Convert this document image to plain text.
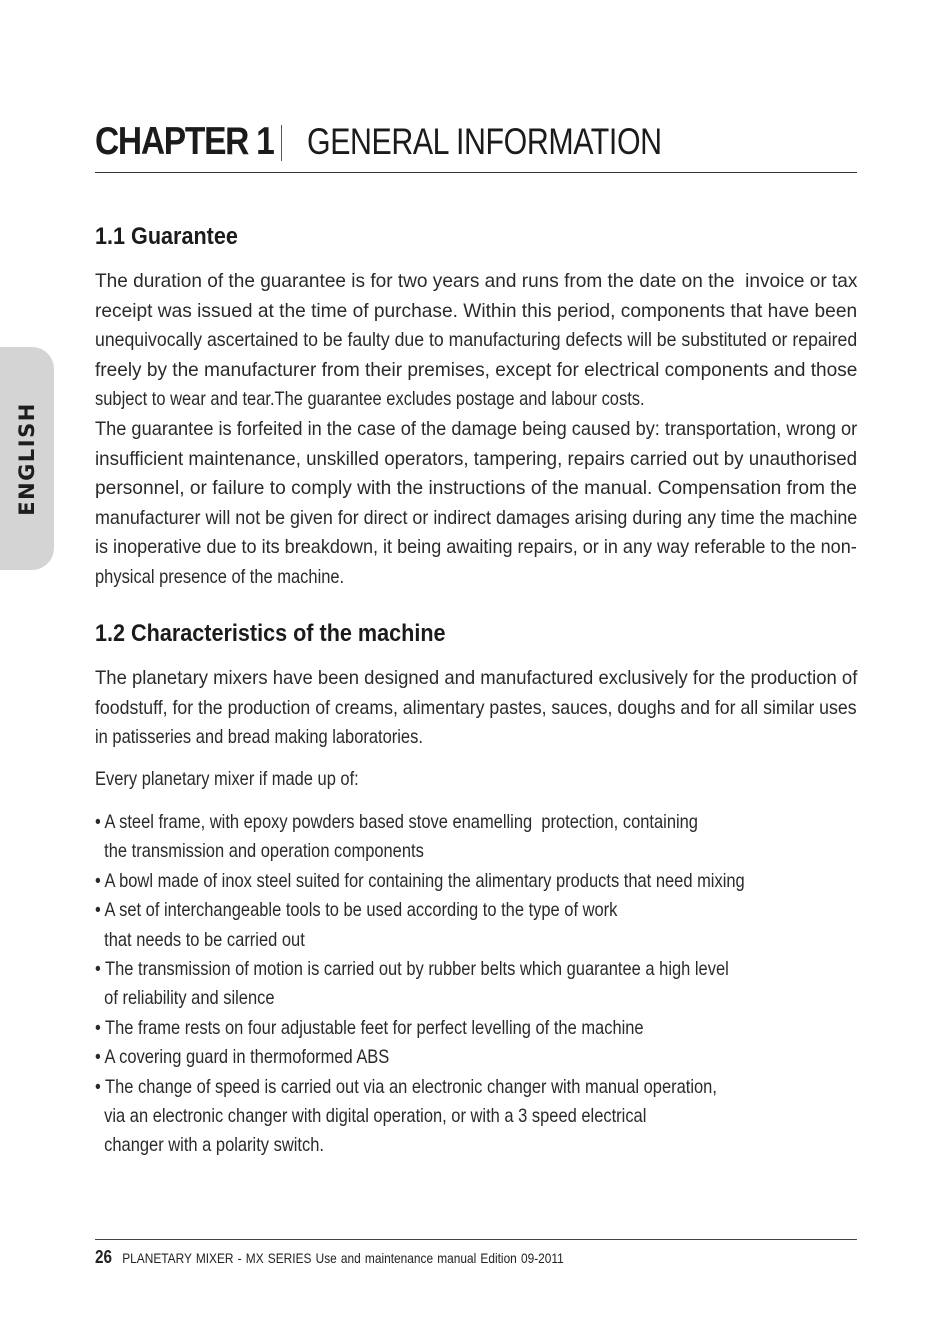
ENGLISH
CHAPTER 1 GENERAL INFORMATION
1.1 Guarantee
The duration of the guarantee is for two years and runs from the date on the  invoice or tax
receipt was issued at the time of purchase. Within this period, components that have been
unequivocally ascertained to be faulty due to manufacturing defects will be substituted or repaired
freely by the manufacturer from their premises, except for electrical components and those
subject to wear and tear.The guarantee excludes postage and labour costs.
The guarantee is forfeited in the case of the damage being caused by: transportation, wrong or
insufficient maintenance, unskilled operators, tampering, repairs carried out by unauthorised
personnel, or failure to comply with the instructions of the manual. Compensation from the
manufacturer will not be given for direct or indirect damages arising during any time the machine
is inoperative due to its breakdown, it being awaiting repairs, or in any way referable to the non-
physical presence of the machine.
1.2 Characteristics of the machine
The planetary mixers have been designed and manufactured exclusively for the production of
foodstuff, for the production of creams, alimentary pastes, sauces, doughs and for all similar uses
in patisseries and bread making laboratories.
Every planetary mixer if made up of:
• A steel frame, with epoxy powders based stove enamelling  protection, containing
the transmission and operation components
• A bowl made of inox steel suited for containing the alimentary products that need mixing
• A set of interchangeable tools to be used according to the type of work
that needs to be carried out
• The transmission of motion is carried out by rubber belts which guarantee a high level
of reliability and silence
• The frame rests on four adjustable feet for perfect levelling of the machine
• A covering guard in thermoformed ABS
• The change of speed is carried out via an electronic changer with manual operation,
via an electronic changer with digital operation, or with a 3 speed electrical
changer with a polarity switch.
26 PLANETARY MIXER - MX SERIES Use and maintenance manual Edition 09-2011
